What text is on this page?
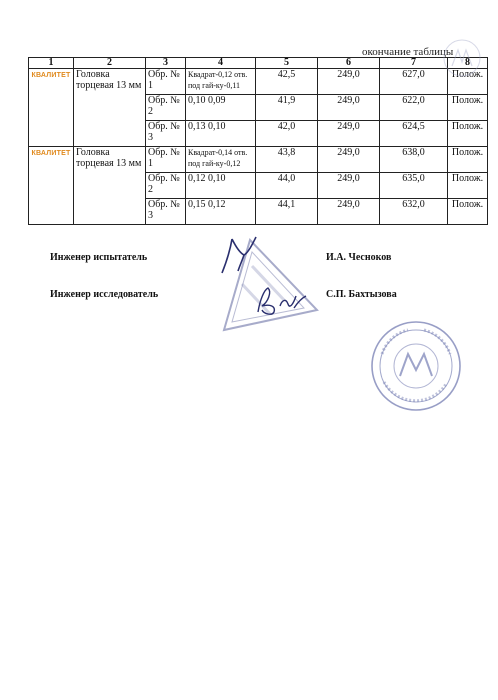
окончание таблицы
1	2	3	4	5	6	7	8
КВАЛИТЕТ	Головка торцевая 13 мм	Обр. № 1	Квадрат-0,12 отв. под гай-ку-0,11	42,5	249,0	627,0	Полож.
		Обр. № 2	0,10 0,09	41,9	249,0	622,0	Полож.
		Обр. № 3	0,13 0,10	42,0	249,0	624,5	Полож.
КВАЛИТЕТ	Головка торцевая 13 мм	Обр. № 1	Квадрат-0,14 отв. под гай-ку-0,12	43,8	249,0	638,0	Полож.
		Обр. № 2	0,12 0,10	44,0	249,0	635,0	Полож.
		Обр. № 3	0,15 0,12	44,1	249,0	632,0	Полож.
Инженер испытатель	И.А. Чесноков
Инженер исследователь	С.П. Бахтызова
